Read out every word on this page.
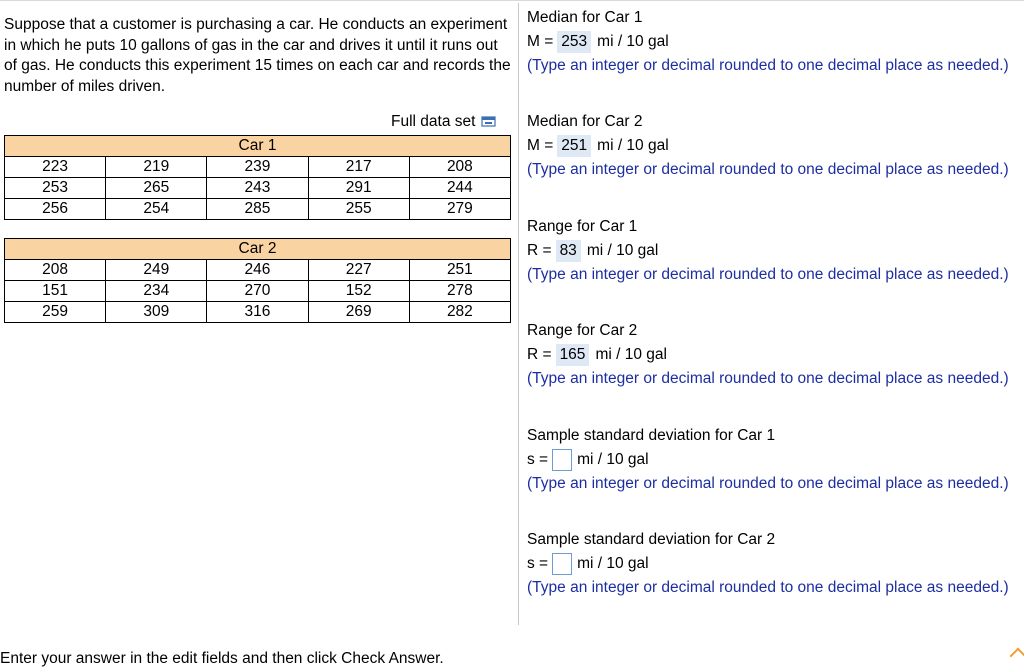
Suppose that a customer is purchasing a car. He conducts an experiment in which he puts 10 gallons of gas in the car and drives it until it runs out of gas. He conducts this experiment 15 times on each car and records the number of miles driven.
Full data set
Car 1				
223	219	239	217	208
253	265	243	291	244
256	254	285	255	279
Car 2				
208	249	246	227	251
151	234	270	152	278
259	309	316	269	282
Median for Car 1
M = 253 mi / 10 gal
(Type an integer or decimal rounded to one decimal place as needed.)
Median for Car 2
M = 251 mi / 10 gal
(Type an integer or decimal rounded to one decimal place as needed.)
Range for Car 1
R = 83 mi / 10 gal
(Type an integer or decimal rounded to one decimal place as needed.)
Range for Car 2
R = 165 mi / 10 gal
(Type an integer or decimal rounded to one decimal place as needed.)
Sample standard deviation for Car 1
s = mi / 10 gal
(Type an integer or decimal rounded to one decimal place as needed.)
Sample standard deviation for Car 2
s = mi / 10 gal
(Type an integer or decimal rounded to one decimal place as needed.)
Enter your answer in the edit fields and then click Check Answer.
